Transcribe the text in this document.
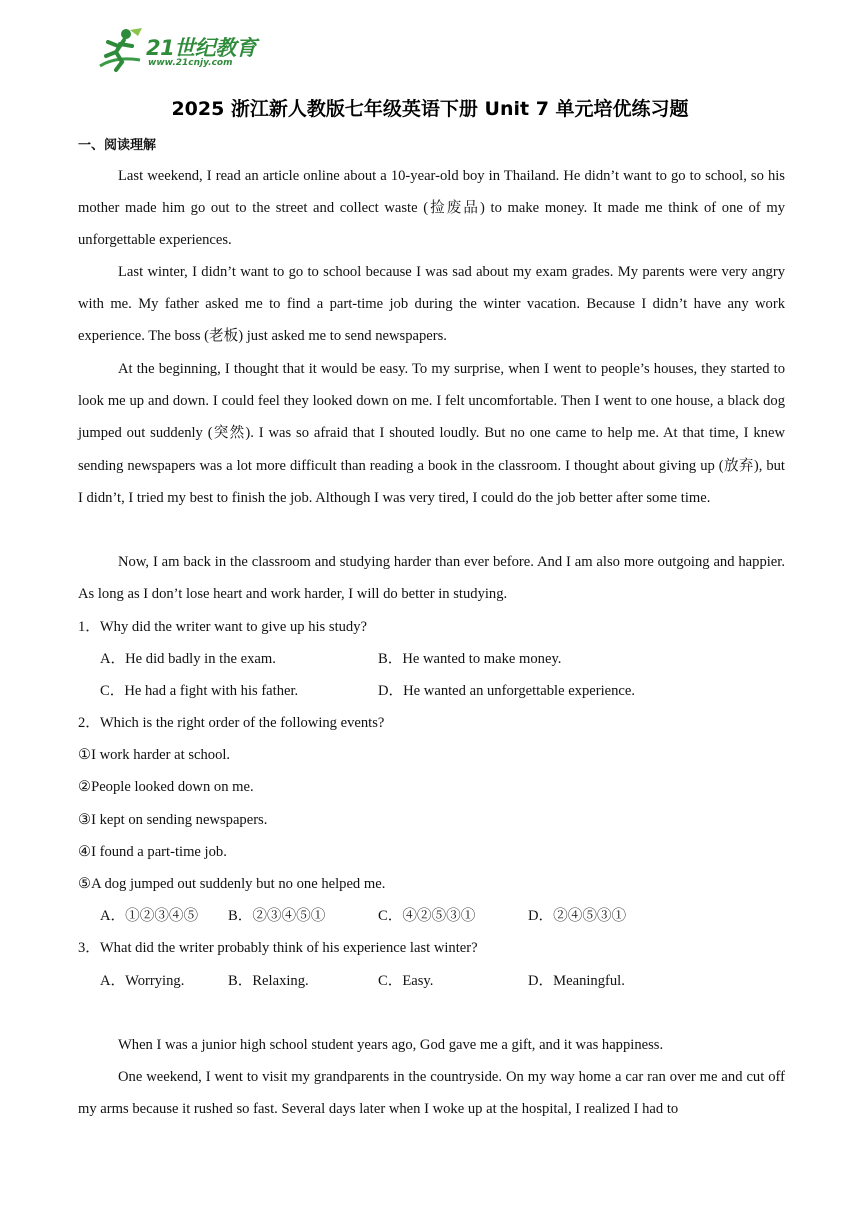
21世纪教育
www.21cnjy.com
2025 浙江新人教版七年级英语下册 Unit 7 单元培优练习题
一、阅读理解
Last weekend, I read an article online about a 10-year-old boy in Thailand. He didn’t want to go to school, so his mother made him go out to the street and collect waste (捡废品) to make money. It made me think of one of my unforgettable experiences.
Last winter, I didn’t want to go to school because I was sad about my exam grades. My parents were very angry with me. My father asked me to find a part-time job during the winter vacation. Because I didn’t have any work experience. The boss (老板) just asked me to send newspapers.
At the beginning, I thought that it would be easy. To my surprise, when I went to people’s houses, they started to look me up and down. I could feel they looked down on me. I felt uncomfortable. Then I went to one house, a black dog jumped out suddenly (突然). I was so afraid that I shouted loudly. But no one came to help me. At that time, I knew sending newspapers was a lot more difficult than reading a book in the classroom. I thought about giving up (放弃), but I didn’t, I tried my best to finish the job. Although I was very tired, I could do the job better after some time.
Now, I am back in the classroom and studying harder than ever before. And I am also more outgoing and happier. As long as I don’t lose heart and work harder, I will do better in studying.
1．Why did the writer want to give up his study?
A．He did badly in the exam.	B．He wanted to make money.
C．He had a fight with his father.	D．He wanted an unforgettable experience.
2．Which is the right order of the following events?
①I work harder at school.
②People looked down on me.
③I kept on sending newspapers.
④I found a part-time job.
⑤A dog jumped out suddenly but no one helped me.
A．①②③④⑤ B．②③④⑤①	C．④②⑤③①	D．②④⑤③①
3．What did the writer probably think of his experience last winter?
A．Worrying.	B．Relaxing.	C．Easy.	D．Meaningful.
When I was a junior high school student years ago, God gave me a gift, and it was happiness.
One weekend, I went to visit my grandparents in the countryside. On my way home a car ran over me and cut off my arms because it rushed so fast. Several days later when I woke up at the hospital, I realized I had to
